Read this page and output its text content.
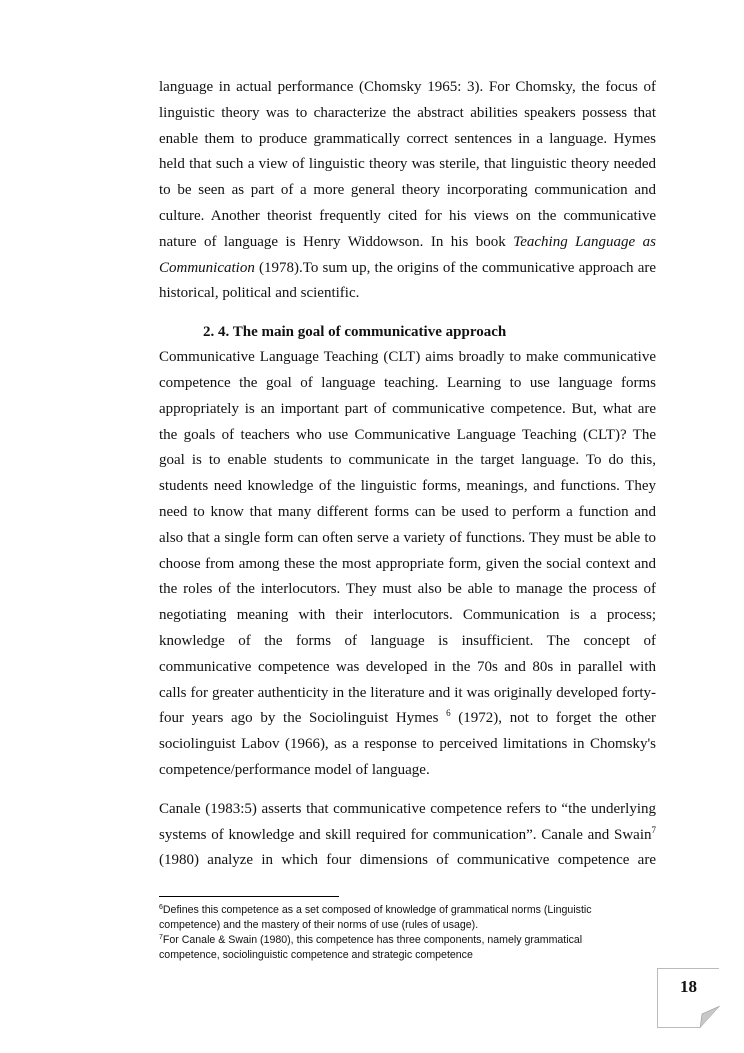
language in actual performance (Chomsky 1965: 3). For Chomsky, the focus of
linguistic theory was to characterize the abstract abilities speakers possess that
enable them to produce grammatically correct sentences in a language. Hymes
held that such a view of linguistic theory was sterile, that linguistic theory needed
to be seen as part of a more general theory incorporating communication and
culture. Another theorist frequently cited for his views on the communicative
nature of language is Henry Widdowson. In his book Teaching Language as
Communication (1978).To sum up, the origins of the communicative approach are
historical, political and scientific.
2. 4. The main goal of communicative approach
Communicative Language Teaching (CLT) aims broadly to make communicative
competence the goal of language teaching. Learning to use language forms
appropriately is an important part of communicative competence. But, what are
the goals of teachers who use Communicative Language Teaching (CLT)? The
goal is to enable students to communicate in the target language. To do this,
students need knowledge of the linguistic forms, meanings, and functions. They
need to know that many different forms can be used to perform a function and
also that a single form can often serve a variety of functions. They must be able to
choose from among these the most appropriate form, given the social context and
the roles of the interlocutors. They must also be able to manage the process of
negotiating meaning with their interlocutors. Communication is a process;
knowledge of the forms of language is insufficient. The concept of
communicative competence was developed in the 70s and 80s in parallel with
calls for greater authenticity in the literature and it was originally developed forty-
four years ago by the Sociolinguist Hymes $^6$ (1972), not to forget the other
sociolinguist Labov (1966), as a response to perceived limitations in Chomsky's
competence/performance model of language.
Canale (1983:5) asserts that communicative competence refers to “the underlying
systems of knowledge and skill required for communication”. Canale and Swain$^7$
(1980) analyze in which four dimensions of communicative competence are
$^6$Defines this competence as a set composed of knowledge of grammatical norms (Linguistic
competence) and the mastery of their norms of use (rules of usage).
$^7$For Canale & Swain (1980), this competence has three components, namely grammatical
competence, sociolinguistic competence and strategic competence
18
